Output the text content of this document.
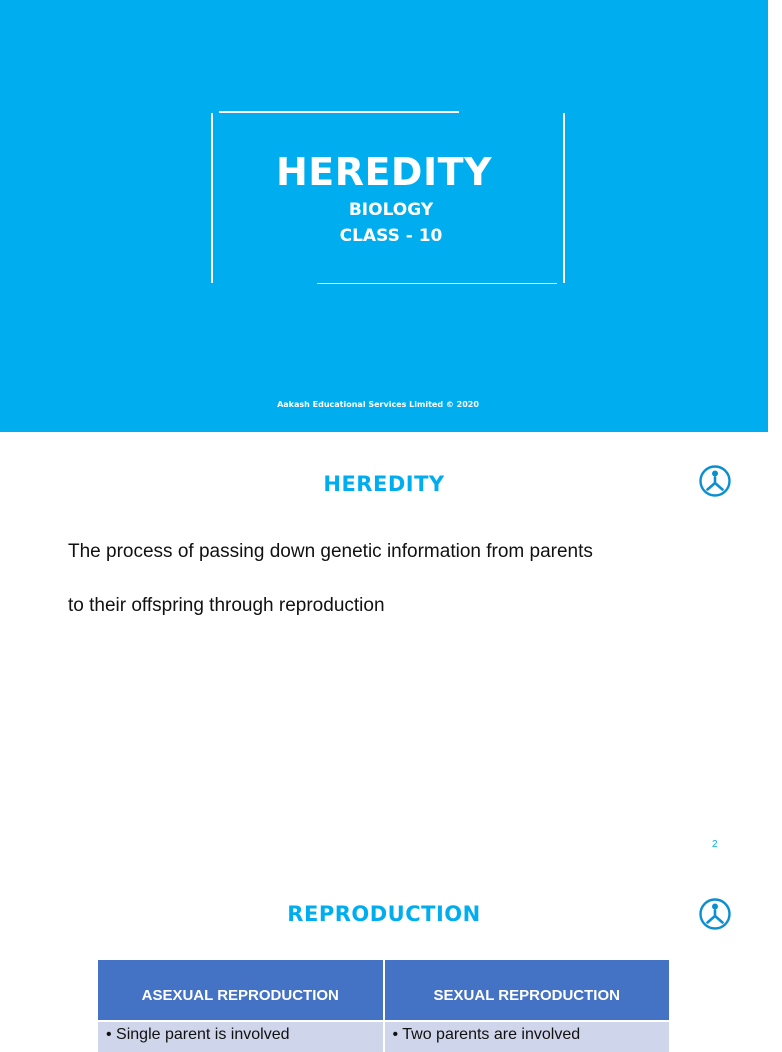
HEREDITY
BIOLOGY
CLASS - 10
Aakash Educational Services Limited © 2020
HEREDITY
The process of passing down genetic information from parents
to their offspring through reproduction
2
REPRODUCTION
ASEXUAL REPRODUCTION	SEXUAL REPRODUCTION
• Single parent is involved	• Two parents are involved
